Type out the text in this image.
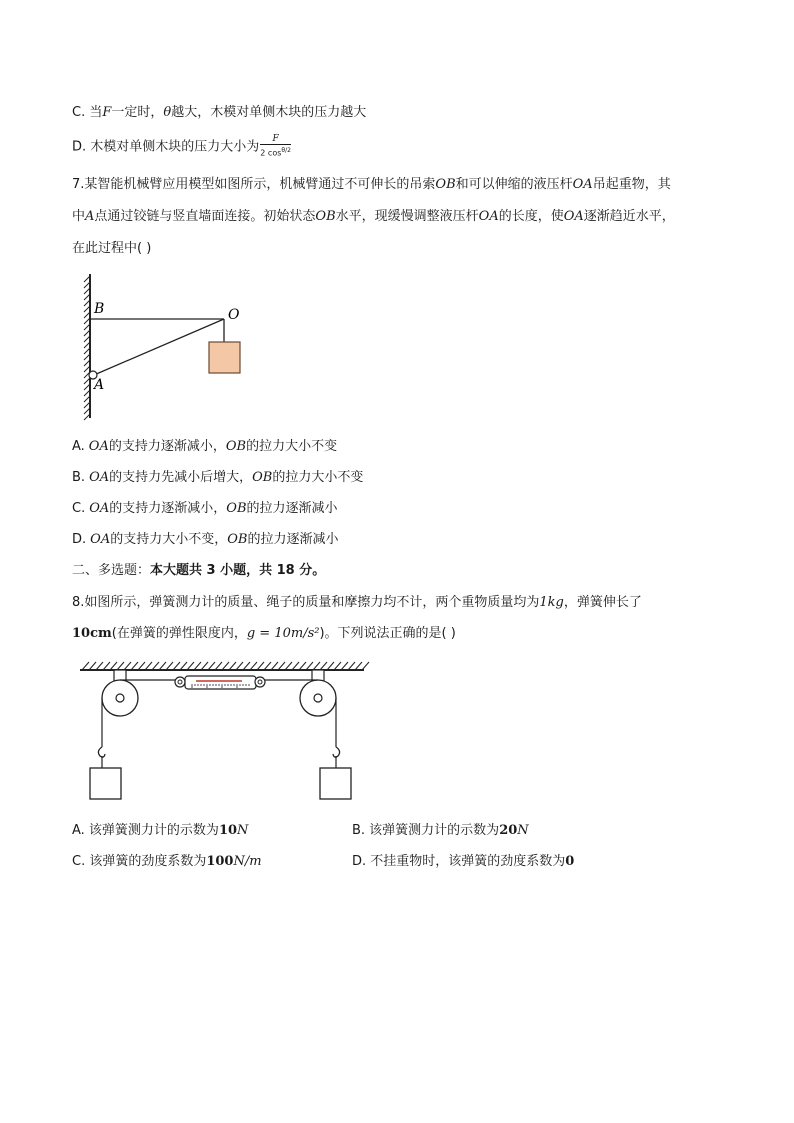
C. 当F一定时，θ越大，木模对单侧木块的压力越大
D. 木模对单侧木块的压力大小为 $\frac{F}{2 \cos^{\theta/2}}$
7.某智能机械臂应用模型如图所示，机械臂通过不可伸长的吊索OB和可以伸缩的液压杆OA吊起重物，其
中A点通过铰链与竖直墙面连接。初始状态OB水平，现缓慢调整液压杆OA的长度，使OA逐渐趋近水平，
在此过程中( )
B	O
A
A. OA的支持力逐渐减小，OB的拉力大小不变
B. OA的支持力先减小后增大，OB的拉力大小不变
C. OA的支持力逐渐减小，OB的拉力逐渐减小
D. OA的支持力大小不变，OB的拉力逐渐减小
二、多选题：本大题共 3 小题，共 18 分。
8.如图所示，弹簧测力计的质量、绳子的质量和摩擦力均不计，两个重物质量均为1kg，弹簧伸长了
10cm(在弹簧的弹性限度内，g = 10m/s²)。下列说法正确的是( )
A. 该弹簧测力计的示数为10N	B. 该弹簧测力计的示数为20N
C. 该弹簧的劲度系数为100N/m	D. 不挂重物时，该弹簧的劲度系数为0
